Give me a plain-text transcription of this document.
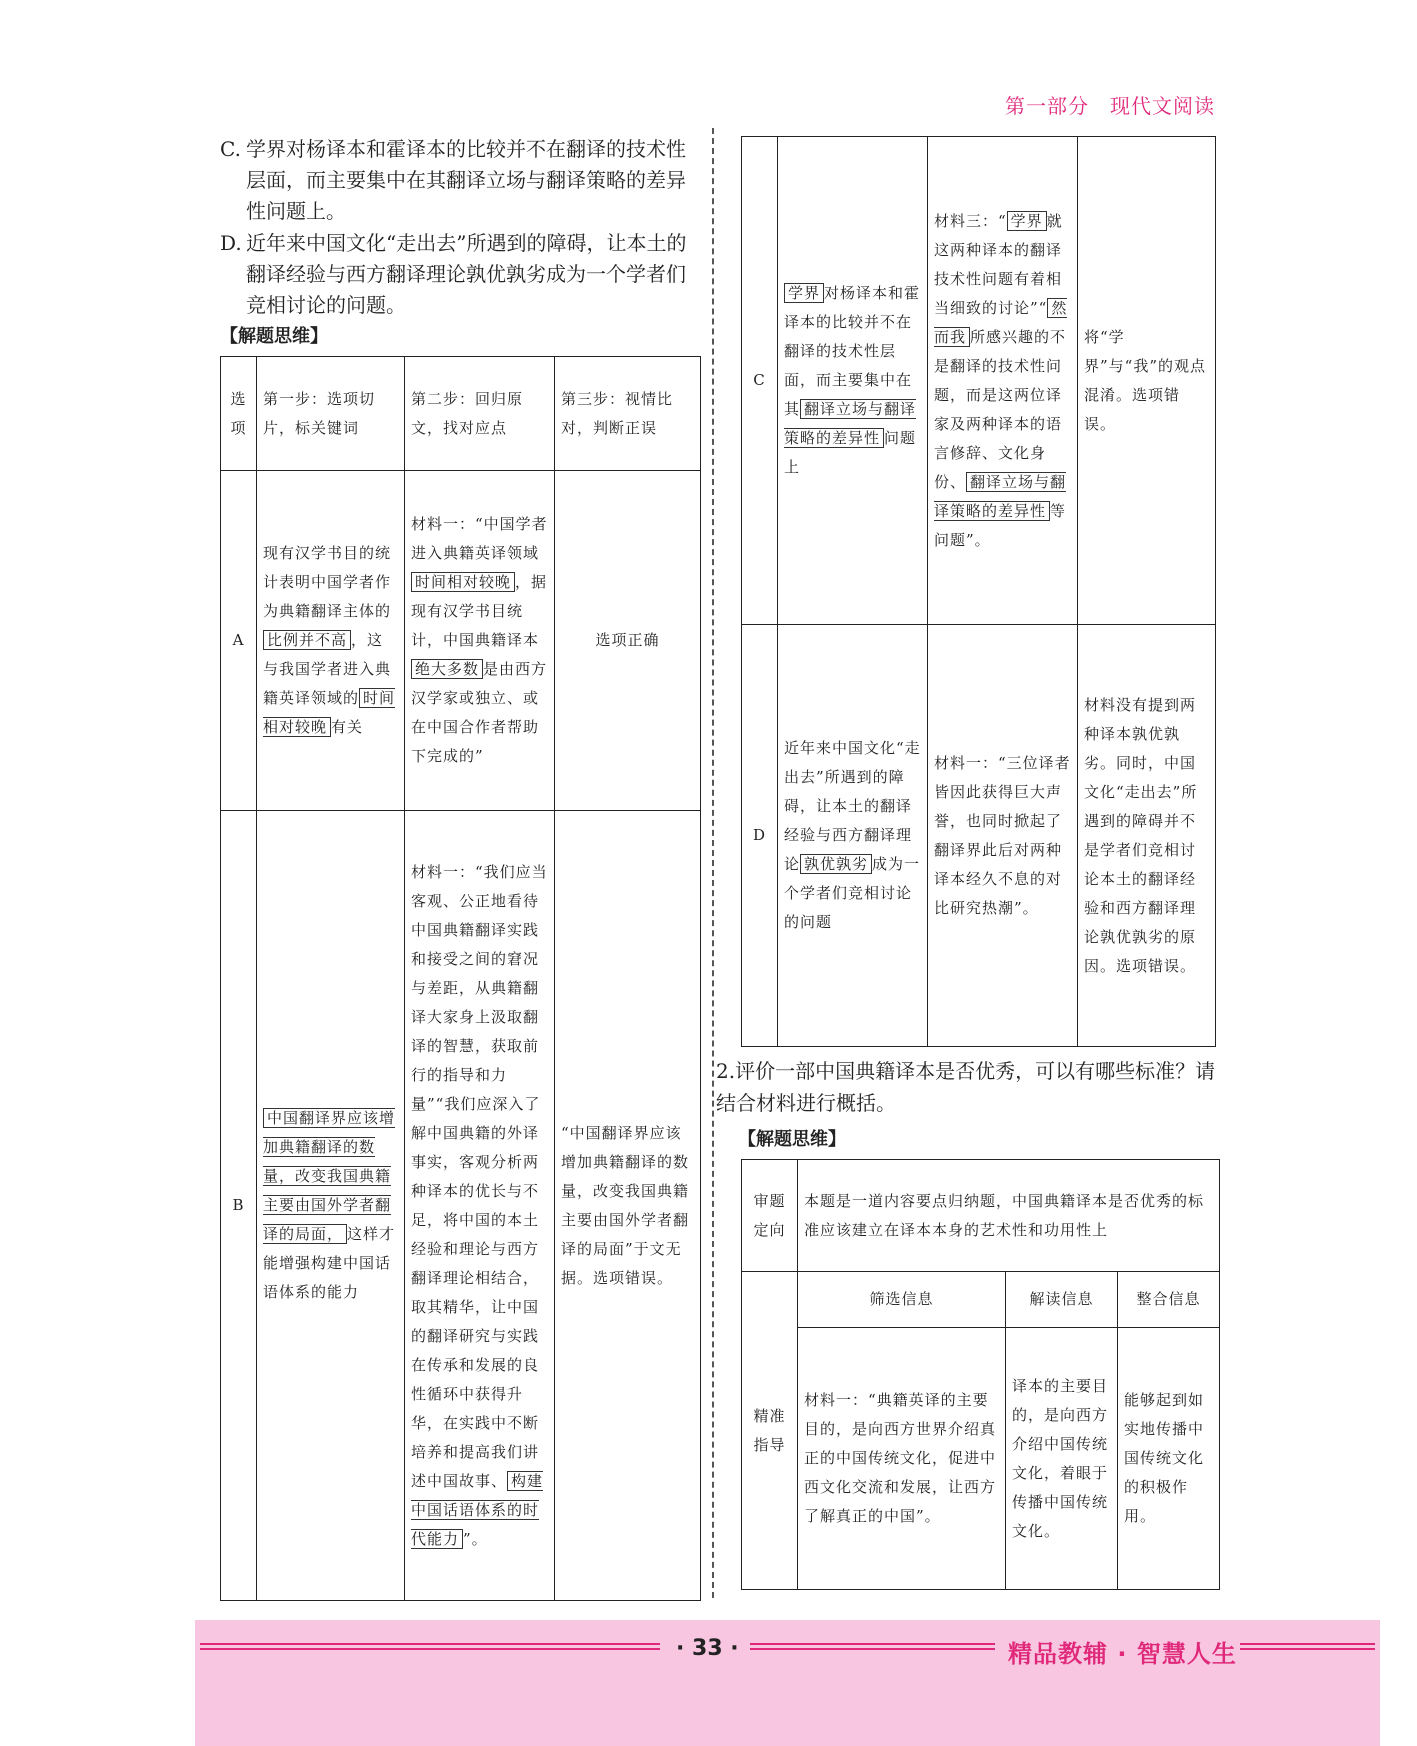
第一部分　现代文阅读
C. 学界对杨译本和霍译本的比较并不在翻译的技术性层面，而主要集中在其翻译立场与翻译策略的差异性问题上。
D. 近年来中国文化“走出去”所遇到的障碍，让本土的翻译经验与西方翻译理论孰优孰劣成为一个学者们竞相讨论的问题。
【解题思维】
选项	第一步：选项切片，标关键词	第二步：回归原文，找对应点	第三步：视情比对，判断正误
A	现有汉学书目的统计表明中国学者作为典籍翻译主体的比例并不高 ，这与我国学者进入典籍英译领域的 时间相对较晚 有关	材料一：“中国学者进入典籍英译领域时间相对较晚 ，据现有汉学书目统计，中国典籍译本绝大多数 是由西方汉学家或独立、或在中国合作者帮助下完成的”	选项正确
B	中国翻译界应该增加典籍翻译的数量，改变我国典籍主要由国外学者翻译的局面， 这样才能增强构建中国话语体系的能力	材料一：“我们应当客观、公正地看待中国典籍翻译实践和接受之间的窘况与差距，从典籍翻译大家身上汲取翻译的智慧，获取前行的指导和力量”“我们应深入了解中国典籍的外译事实，客观分析两种译本的优长与不足，将中国的本土经验和理论与西方翻译理论相结合，取其精华，让中国的翻译研究与实践在传承和发展的良性循环中获得升华，在实践中不断培养和提高我们讲述中国故事、 构建中国话语体系的时代能力 ”。	“中国翻译界应该增加典籍翻译的数量，改变我国典籍主要由国外学者翻译的局面”于文无据。选项错误。
C	学界 对杨译本和霍译本的比较并不在翻译的技术性层面，而主要集中在其 翻译立场与翻译策略的差异性 问题上	材料三：“ 学界 就这两种译本的翻译技术性问题有着相当细致的讨论”“ 然而我 所感兴趣的不是翻译的技术性问题，而是这两位译家及两种译本的语言修辞、文化身份、 翻译立场与翻译策略的差异性 等问题”。	将“学界”与“我”的观点混淆。选项错误。
D	近年来中国文化“走出去”所遇到的障碍，让本土的翻译经验与西方翻译理论 孰优孰劣 成为一个学者们竞相讨论的问题	材料一：“三位译者皆因此获得巨大声誉，也同时掀起了翻译界此后对两种译本经久不息的对比研究热潮”。	材料没有提到两种译本孰优孰劣。同时，中国文化“走出去”所遇到的障碍并不是学者们竞相讨论本土的翻译经验和西方翻译理论孰优孰劣的原因。选项错误。
2.评价一部中国典籍译本是否优秀，可以有哪些标准？请结合材料进行概括。
【解题思维】
审题定向	本题是一道内容要点归纳题，中国典籍译本是否优秀的标准应该建立在译本本身的艺术性和功用性上		
精准指导	筛选信息	解读信息	整合信息
	材料一：“典籍英译的主要目的，是向西方世界介绍真正的中国传统文化，促进中西文化交流和发展，让西方了解真正的中国”。	译本的主要目的，是向西方介绍中国传统文化，着眼于传播中国传统文化。	能够起到如实地传播中国传统文化的积极作用。
· 33 ·	精品教辅 · 智慧人生
